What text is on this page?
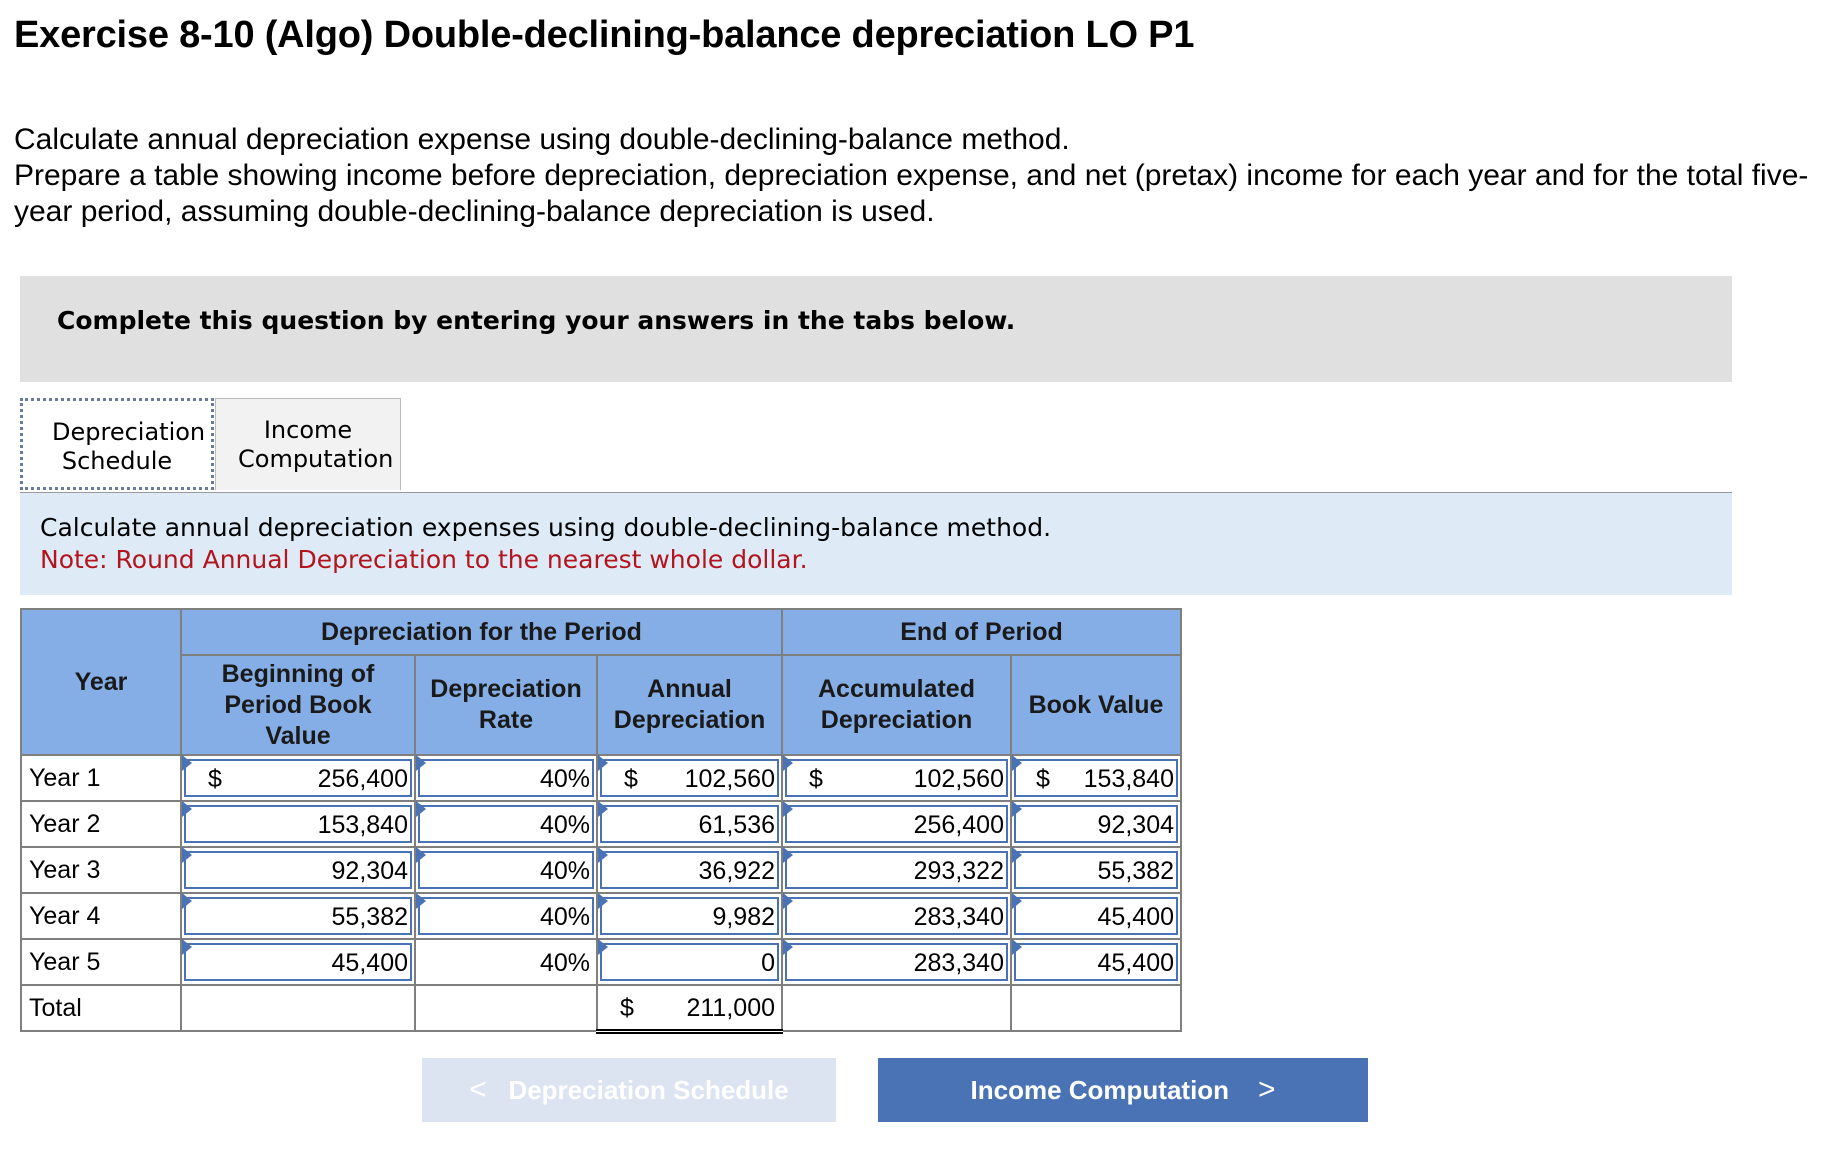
Exercise 8-10 (Algo) Double-declining-balance depreciation LO P1
Calculate annual depreciation expense using double-declining-balance method.
Prepare a table showing income before depreciation, depreciation expense, and net (pretax) income for each year and for the total five-year period, assuming double-declining-balance depreciation is used.
Complete this question by entering your answers in the tabs below.
Depreciation Schedule
Income Computation
Calculate annual depreciation expenses using double-declining-balance method.
Note: Round Annual Depreciation to the nearest whole dollar.
Year	Depreciation for the Period			End of Period	

	Beginning of Period Book Value	Depreciation Rate	Annual Depreciation	Accumulated Depreciation	Book Value
Year 1	$ 256,400	40%	$ 102,560	$ 102,560	$ 153,840

Year 2	153,840	40%	61,536	256,400	92,304

Year 3	92,304	40%	36,922	293,322	55,382

Year 4	55,382	40%	9,982	283,340	45,400

Year 5	45,400	40%	0	283,340	45,400

Total			$ 211,000		

< Depreciation Schedule	Income Computation >
